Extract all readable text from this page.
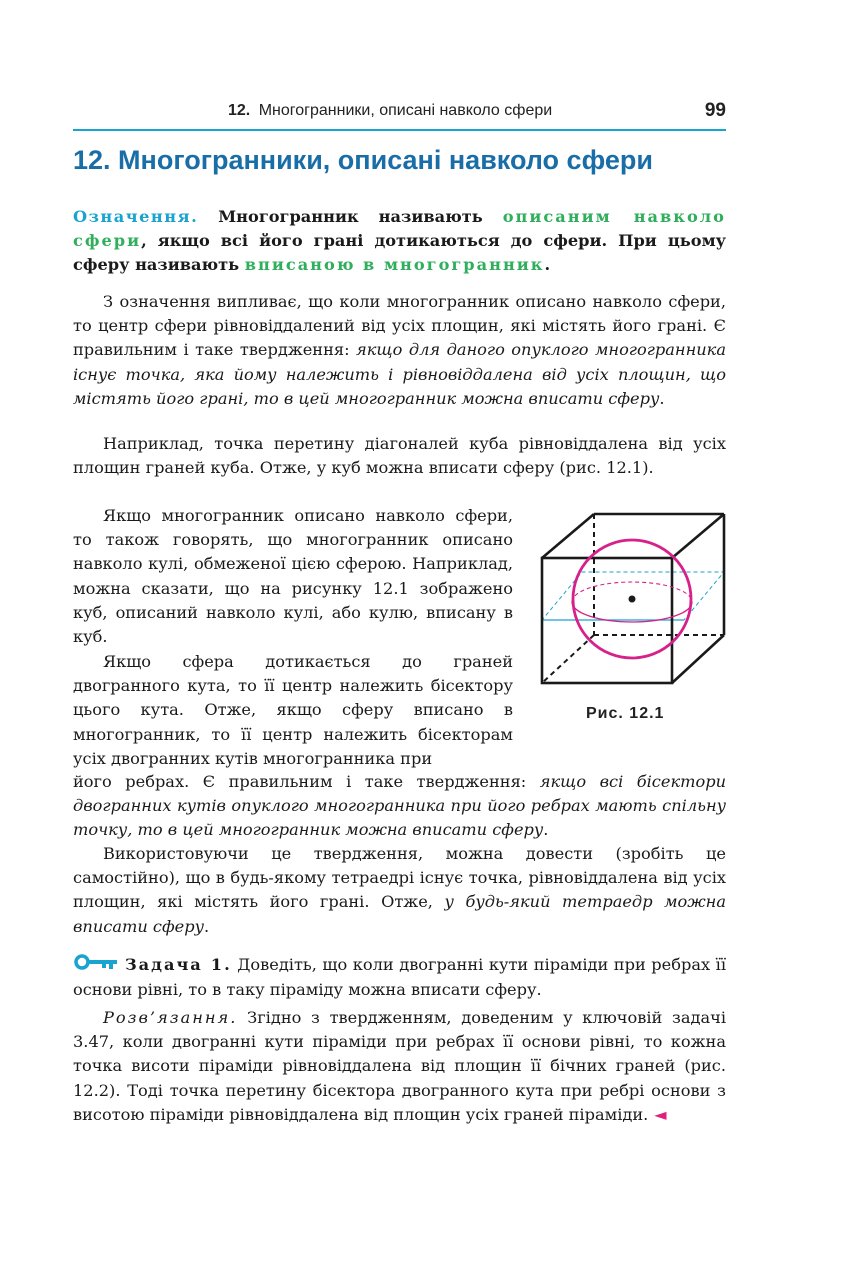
12. Многогранники, описані навколо сфери	99
12. Многогранники, описані навколо сфери

Означення. Многогранник називають описаним навколо сфери, якщо всі його грані дотикаються до сфери. При цьому сферу називають вписаною в многогранник.

З означення випливає, що коли многогранник описано навколо сфери, то центр сфери рівновіддалений від усіх площин, які містять його грані. Є правильним і таке твердження: якщо для даного опуклого многогранника існує точка, яка йому належить і рівновіддалена від усіх площин, що містять його грані, то в цей многогранник можна вписати сферу.

Наприклад, точка перетину діагоналей куба рівновіддалена від усіх площин граней куба. Отже, у куб можна вписати сферу (рис. 12.1).

Якщо многогранник описано навколо сфери, то також говорять, що многогранник описано навколо кулі, обмеженої цією сферою. Наприклад, можна сказати, що на рисунку 12.1 зображено куб, описаний навколо кулі, або кулю, вписану в куб.

Якщо сфера дотикається до граней двогранного кута, то її центр належить бісектору цього кута. Отже, якщо сферу вписано в многогранник, то її центр належить бісекторам усіх двогранних кутів многогранника при

його ребрах. Є правильним і таке твердження: якщо всі бісектори двогранних кутів опуклого многогранника при його ребрах мають спільну точку, то в цей многогранник можна вписати сферу.

Використовуючи це твердження, можна довести (зробіть це самостійно), що в будь-якому тетраедрі існує точка, рівновіддалена від усіх площин, які містять його грані. Отже, у будь-який тетраедр можна вписати сферу.

Задача 1. Доведіть, що коли двогранні кути піраміди при ребрах її основи рівні, то в таку піраміду можна вписати сферу.

Розв’язання. Згідно з твердженням, доведеним у ключовій задачі 3.47, коли двогранні кути піраміди при ребрах її основи рівні, то кожна точка висоти піраміди рівновіддалена від площин її бічних граней (рис. 12.2). Тоді точка перетину бісектора двогранного кута при ребрі основи з висотою піраміди рівновіддалена від площин усіх граней піраміди. ◄

Рис. 12.1
